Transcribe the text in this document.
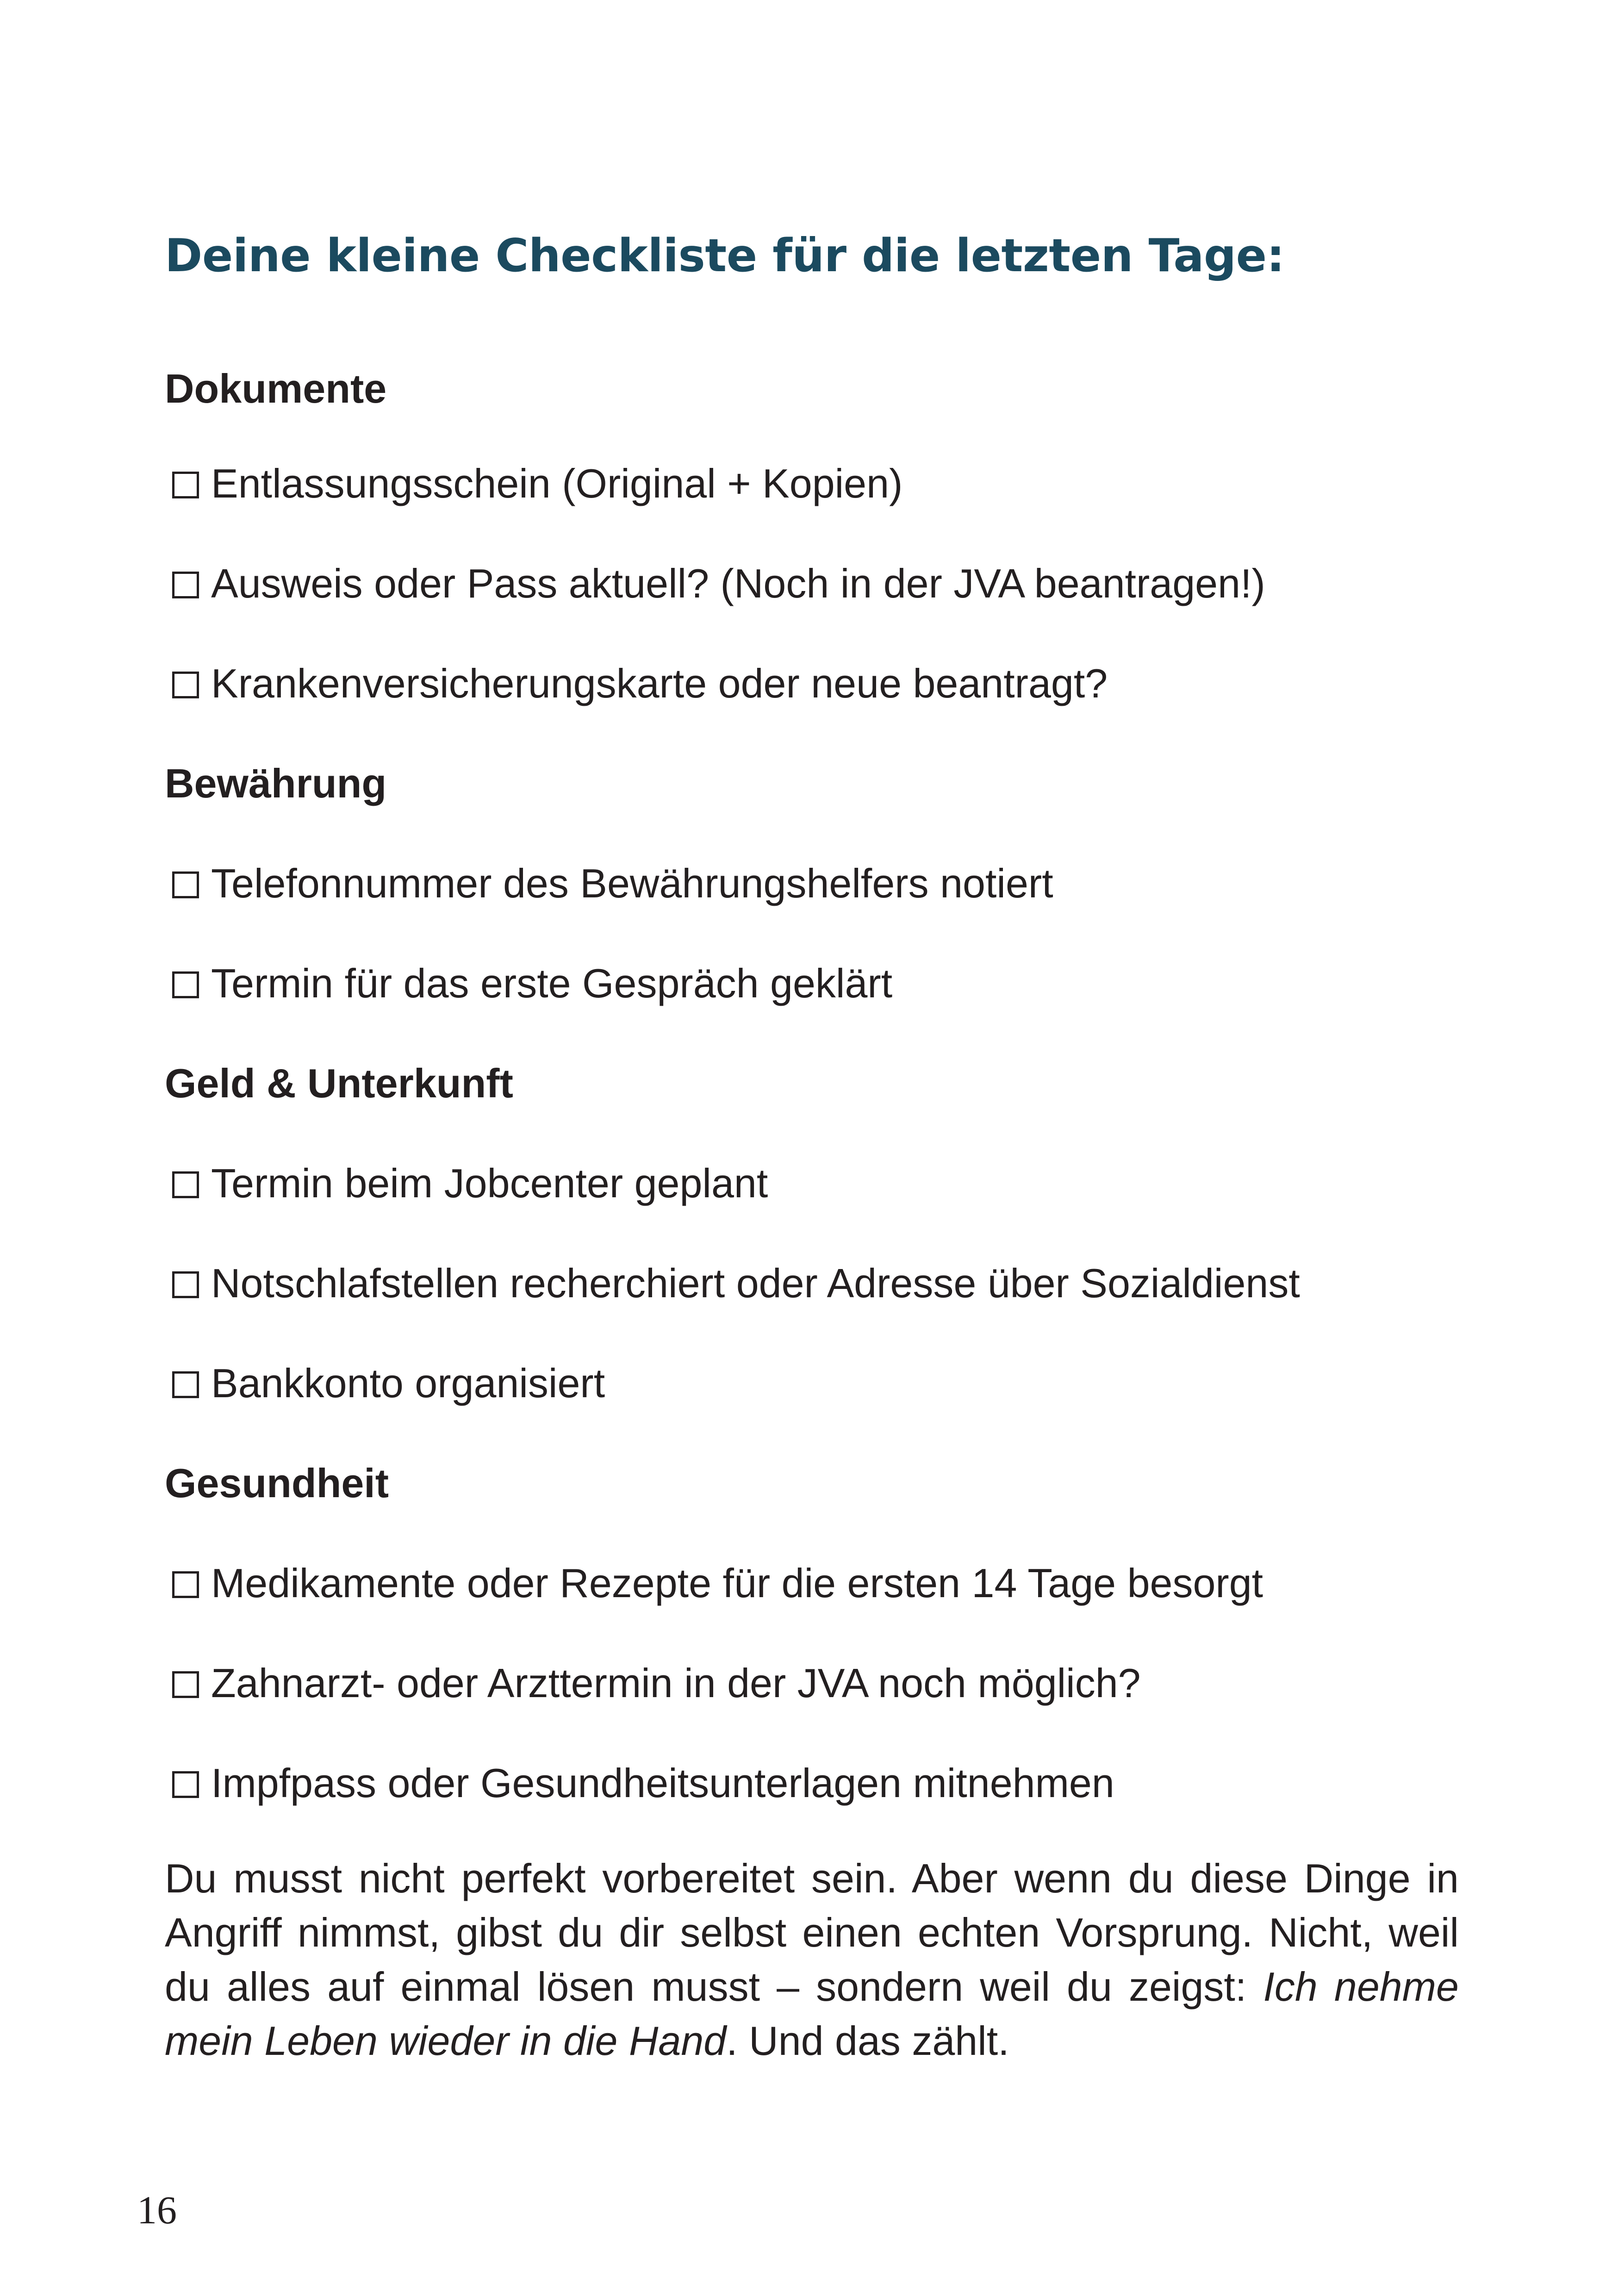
Deine kleine Checkliste für die letzten Tage:
Dokumente
Entlassungsschein (Original + Kopien)
Ausweis oder Pass aktuell? (Noch in der JVA beantragen!)
Krankenversicherungskarte oder neue beantragt?
Bewährung
Telefonnummer des Bewährungshelfers notiert
Termin für das erste Gespräch geklärt
Geld & Unterkunft
Termin beim Jobcenter geplant
Notschlafstellen recherchiert oder Adresse über Sozialdienst
Bankkonto organisiert
Gesundheit
Medikamente oder Rezepte für die ersten 14 Tage besorgt
Zahnarzt- oder Arzttermin in der JVA noch möglich?
Impfpass oder Gesundheitsunterlagen mitnehmen

Du musst nicht perfekt vorbereitet sein. Aber wenn du diese Dinge in Angriff nimmst, gibst du dir selbst einen echten Vorsprung. Nicht, weil du alles auf einmal lösen musst – sondern weil du zeigst: Ich nehme mein Leben wieder in die Hand. Und das zählt.

16
